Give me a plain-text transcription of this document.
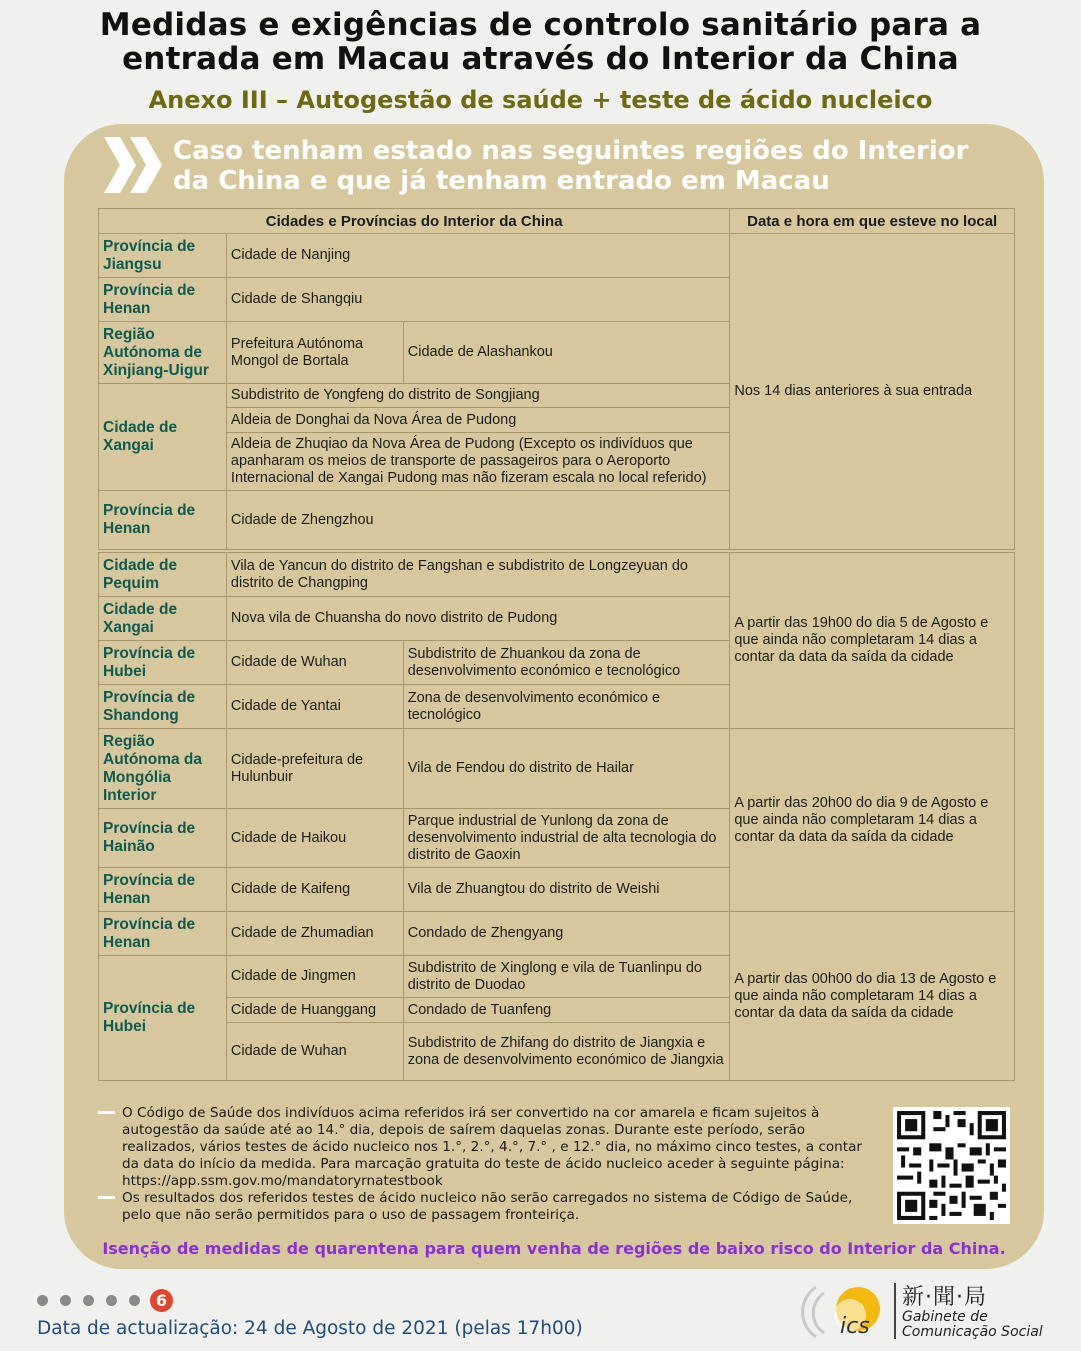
Medidas e exigências de controlo sanitário para a
entrada em Macau através do Interior da China
Anexo III – Autogestão de saúde + teste de ácido nucleico
Caso tenham estado nas seguintes regiões do Interior
da China e que já tenham entrado em Macau
Cidades e Províncias do Interior da China			Data e hora em que esteve no local
Província de Jiangsu	Cidade de Nanjing		Nos 14 dias anteriores à sua entrada
Província de Henan	Cidade de Shangqiu		
Região Autónoma de Xinjiang-Uigur	Prefeitura Autónoma Mongol de Bortala	Cidade de Alashankou	
Cidade de Xangai	Subdistrito de Yongfeng do distrito de Songjiang		
	Aldeia de Donghai da Nova Área de Pudong		
	Aldeia de Zhuqiao da Nova Área de Pudong (Excepto os indivíduos que apanharam os meios de transporte de passageiros para o Aeroporto Internacional de Xangai Pudong mas não fizeram escala no local referido)		
Província de Henan	Cidade de Zhengzhou		

Cidade de Pequim	Vila de Yancun do distrito de Fangshan e subdistrito de Longzeyuan do distrito de Changping		A partir das 19h00 do dia 5 de Agosto e que ainda não completaram 14 dias a contar da data da saída da cidade
Cidade de Xangai	Nova vila de Chuansha do novo distrito de Pudong		
Província de Hubei	Cidade de Wuhan	Subdistrito de Zhuankou da zona de desenvolvimento económico e tecnológico	
Província de Shandong	Cidade de Yantai	Zona de desenvolvimento económico e tecnológico	
Região Autónoma da Mongólia Interior	Cidade-prefeitura de Hulunbuir	Vila de Fendou do distrito de Hailar	A partir das 20h00 do dia 9 de Agosto e que ainda não completaram 14 dias a contar da data da saída da cidade
Província de Hainão	Cidade de Haikou	Parque industrial de Yunlong da zona de desenvolvimento industrial de alta tecnologia do distrito de Gaoxin	
Província de Henan	Cidade de Kaifeng	Vila de Zhuangtou do distrito de Weishi	
Província de Henan	Cidade de Zhumadian	Condado de Zhengyang	A partir das 00h00 do dia 13 de Agosto e que ainda não completaram 14 dias a contar da data da saída da cidade
Província de Hubei	Cidade de Jingmen	Subdistrito de Xinglong e vila de Tuanlinpu do distrito de Duodao	
	Cidade de Huanggang	Condado de Tuanfeng	
	Cidade de Wuhan	Subdistrito de Zhifang do distrito de Jiangxia e zona de desenvolvimento económico de Jiangxia	

O Código de Saúde dos indivíduos acima referidos irá ser convertido na cor amarela e ficam sujeitos à autogestão da saúde até ao 14.° dia, depois de saírem daquelas zonas. Durante este período, serão realizados, vários testes de ácido nucleico nos 1.°, 2.°, 4.°, 7.° , e 12.° dia, no máximo cinco testes, a contar da data do início da medida. Para marcação gratuita do teste de ácido nucleico aceder à seguinte página: https://app.ssm.gov.mo/mandatoryrnatestbook

Os resultados dos referidos testes de ácido nucleico não serão carregados no sistema de Código de Saúde, pelo que não serão permitidos para o uso de passagem fronteiriça.

Isenção de medidas de quarentena para quem venha de regiões de baixo risco do Interior da China.
6
Data de actualização: 24 de Agosto de 2021 (pelas 17h00)	ics
新·聞·局
Gabinete de
Comunicação Social
